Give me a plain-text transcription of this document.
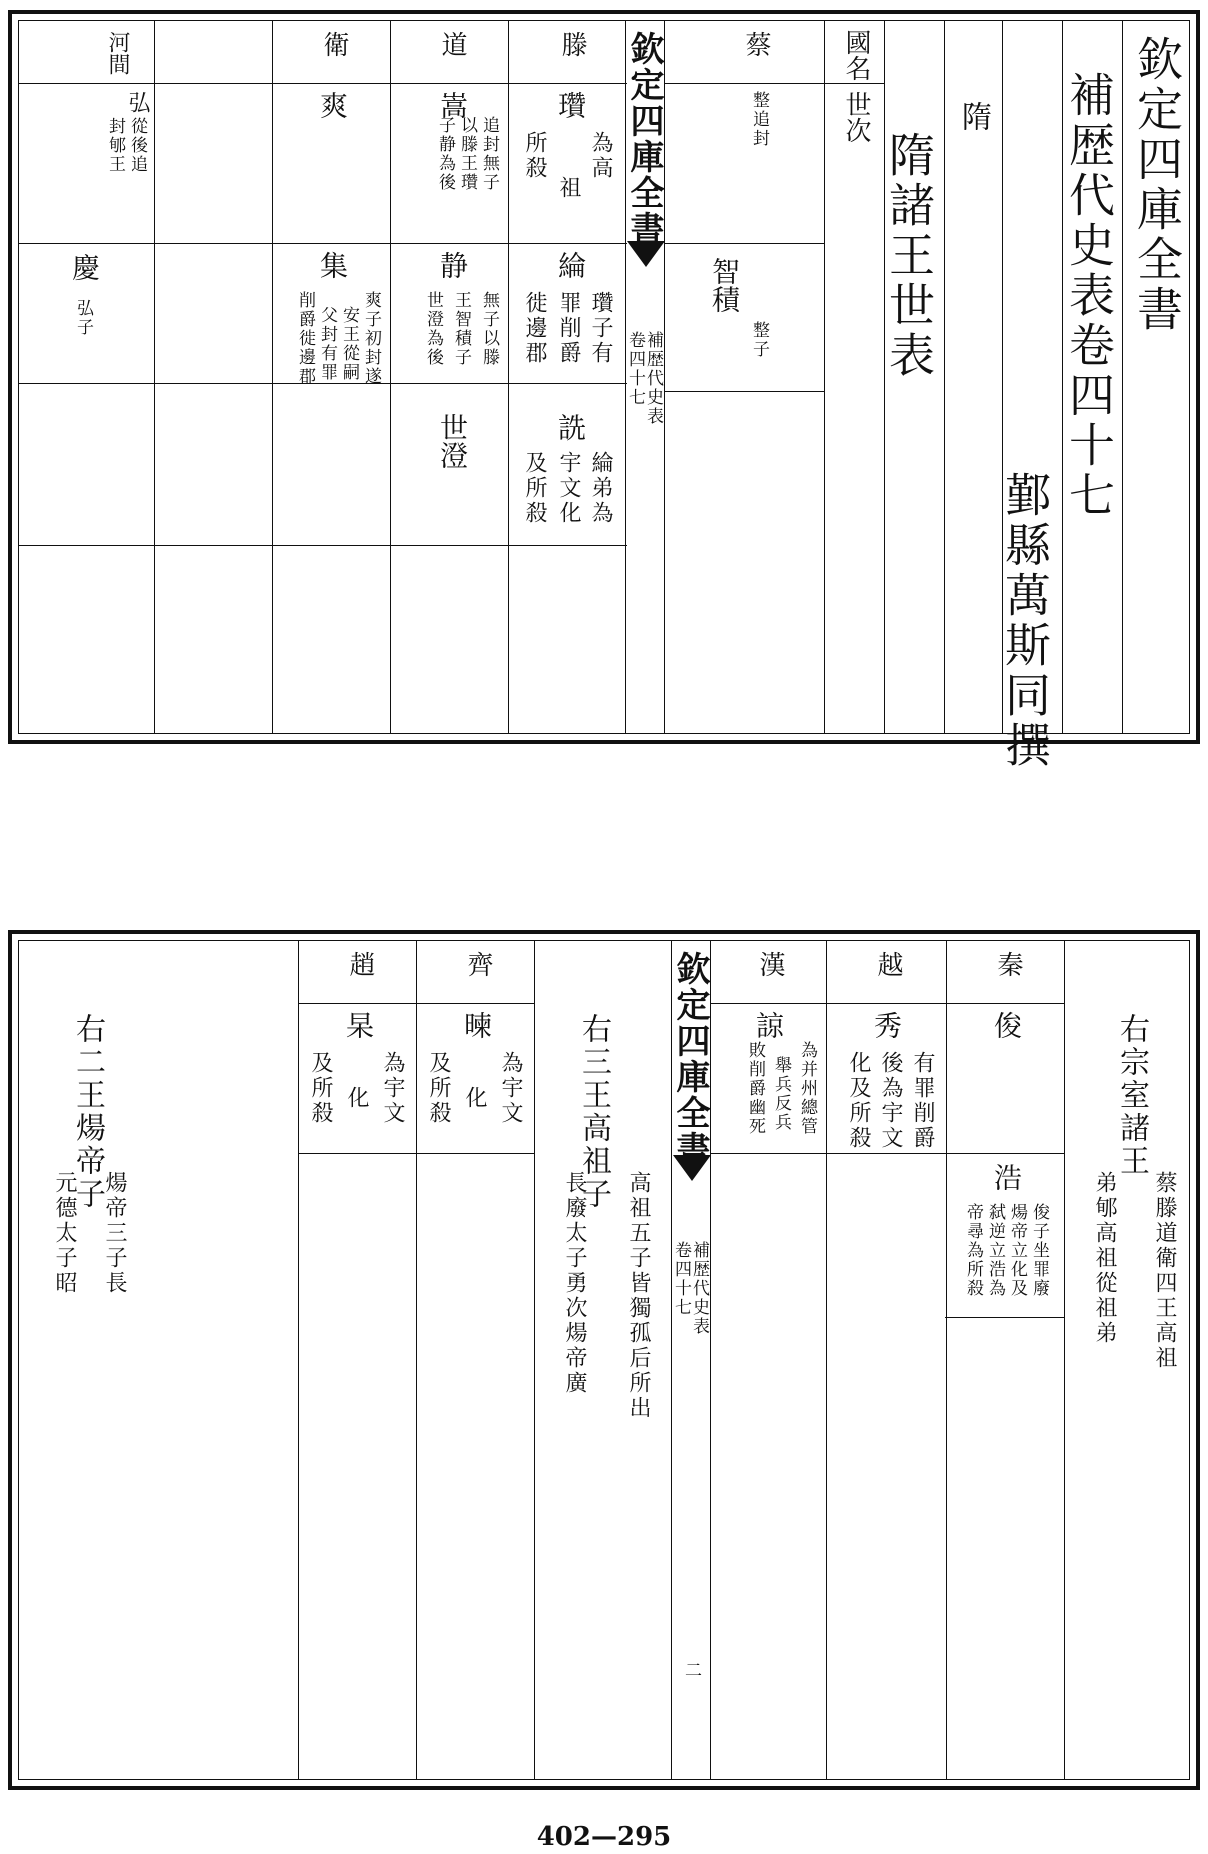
欽定四庫全書
補歴代史表卷四十七
鄞縣萬斯同撰
隋
隋諸王世表
國名
世次
蔡
整追封
智積
整子
欽定四庫全書
補歴代史表
卷四十七
滕
瓚
為高
祖
所殺
綸
瓚子有
罪削爵
徙邊郡
詵
綸弟為
宇文化
及所殺
道
嵩
追封無子
以滕王瓚
子静為後
静
無子以滕
王智積子
世澄為後
世澄
衛
爽
集
爽子初封遂
安王從嗣
父封有罪
削爵徙邊郡
河間
弘
從後追
封郇王
慶
弘子
右宗室諸王
蔡滕道衛四王高祖
弟郇高祖從祖弟
秦
俊
浩
俊子坐罪廢
煬帝立化及
弑逆立浩為
帝尋為所殺
越
秀
有罪削爵
後為宇文
化及所殺
漢
諒
為并州總管
舉兵反兵
敗削爵幽死
欽定四庫全書
補歴代史表
卷四十七
二
右三王高祖子
高祖五子皆獨孤后所出
長廢太子勇次煬帝廣
齊
暕
為宇文
化
及所殺
趙
杲
為宇文
化
及所殺
右二王煬帝子
煬帝三子長
元德太子昭
402—295
